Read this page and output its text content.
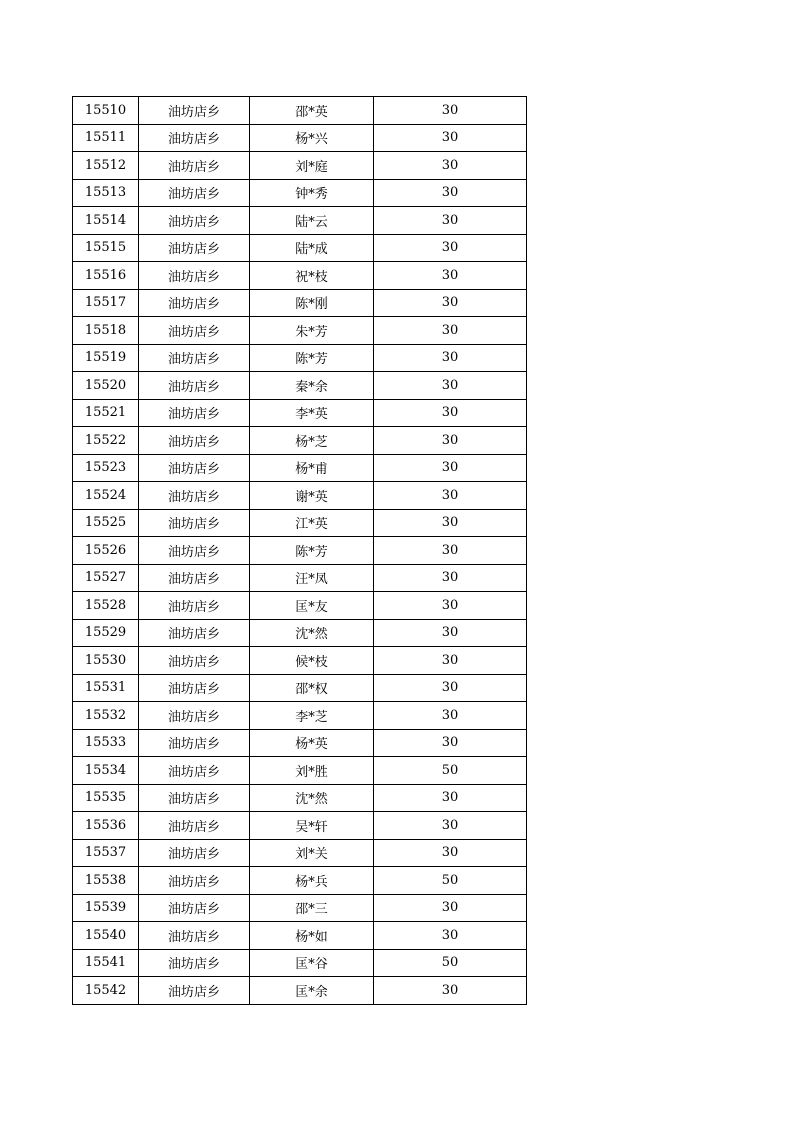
15510	油坊店乡	邵*英	30
15511	油坊店乡	杨*兴	30
15512	油坊店乡	刘*庭	30
15513	油坊店乡	钟*秀	30
15514	油坊店乡	陆*云	30
15515	油坊店乡	陆*成	30
15516	油坊店乡	祝*枝	30
15517	油坊店乡	陈*刚	30
15518	油坊店乡	朱*芳	30
15519	油坊店乡	陈*芳	30
15520	油坊店乡	秦*余	30
15521	油坊店乡	李*英	30
15522	油坊店乡	杨*芝	30
15523	油坊店乡	杨*甫	30
15524	油坊店乡	谢*英	30
15525	油坊店乡	江*英	30
15526	油坊店乡	陈*芳	30
15527	油坊店乡	汪*凤	30
15528	油坊店乡	匡*友	30
15529	油坊店乡	沈*然	30
15530	油坊店乡	候*枝	30
15531	油坊店乡	邵*权	30
15532	油坊店乡	李*芝	30
15533	油坊店乡	杨*英	30
15534	油坊店乡	刘*胜	50
15535	油坊店乡	沈*然	30
15536	油坊店乡	吴*轩	30
15537	油坊店乡	刘*关	30
15538	油坊店乡	杨*兵	50
15539	油坊店乡	邵*三	30
15540	油坊店乡	杨*如	30
15541	油坊店乡	匡*谷	50
15542	油坊店乡	匡*余	30
